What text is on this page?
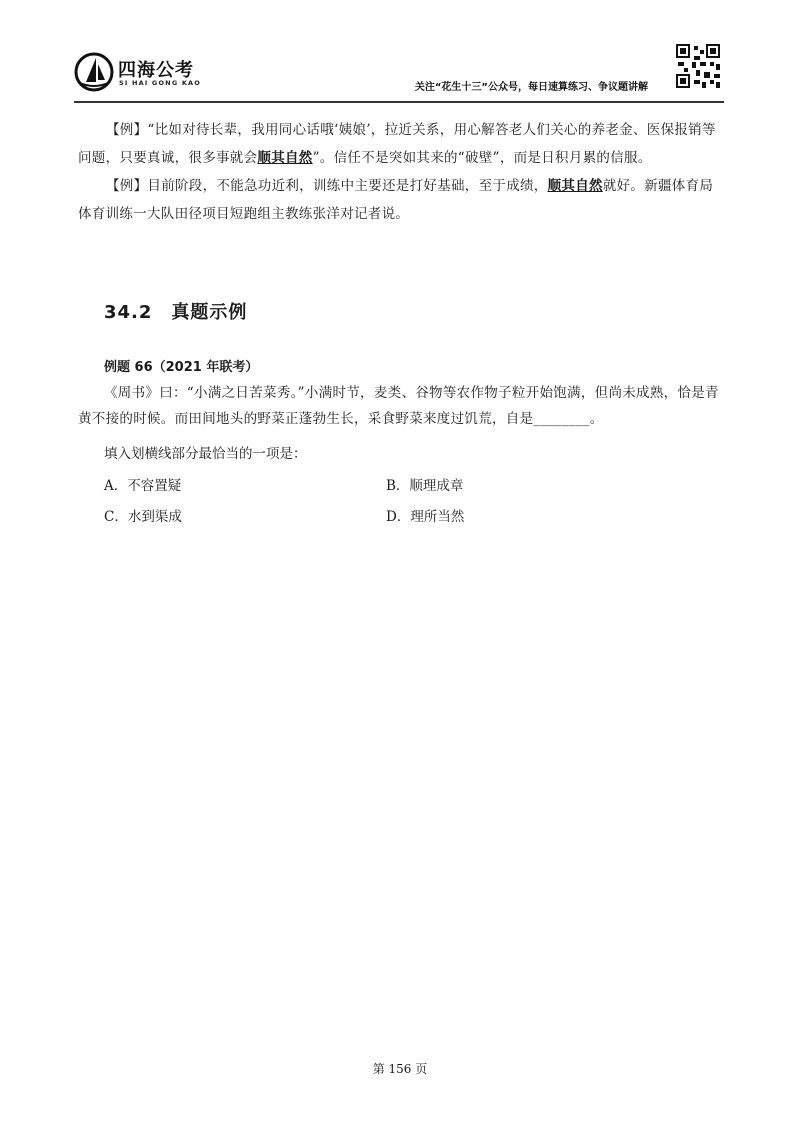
四海公考
SI HAI GONG KAO	关注“花生十三”公众号，每日速算练习、争议题讲解
【例】“比如对待长辈，我用同心话哦‘姨娘’，拉近关系，用心解答老人们关心的养老金、医保报销等问题，只要真诚，很多事就会顺其自然”。信任不是突如其来的“破壁”，而是日积月累的信服。
【例】目前阶段，不能急功近利，训练中主要还是打好基础，至于成绩，顺其自然就好。新疆体育局体育训练一大队田径项目短跑组主教练张洋对记者说。
34.2　真题示例
例题 66（2021 年联考）
《周书》曰：“小满之日苦菜秀。”小满时节，麦类、谷物等农作物子粒开始饱满，但尚未成熟，恰是青黄不接的时候。而田间地头的野菜正蓬勃生长，采食野菜来度过饥荒，自是________。
填入划横线部分最恰当的一项是：
A．不容置疑	B．顺理成章
C．水到渠成	D．理所当然
第 156 页
